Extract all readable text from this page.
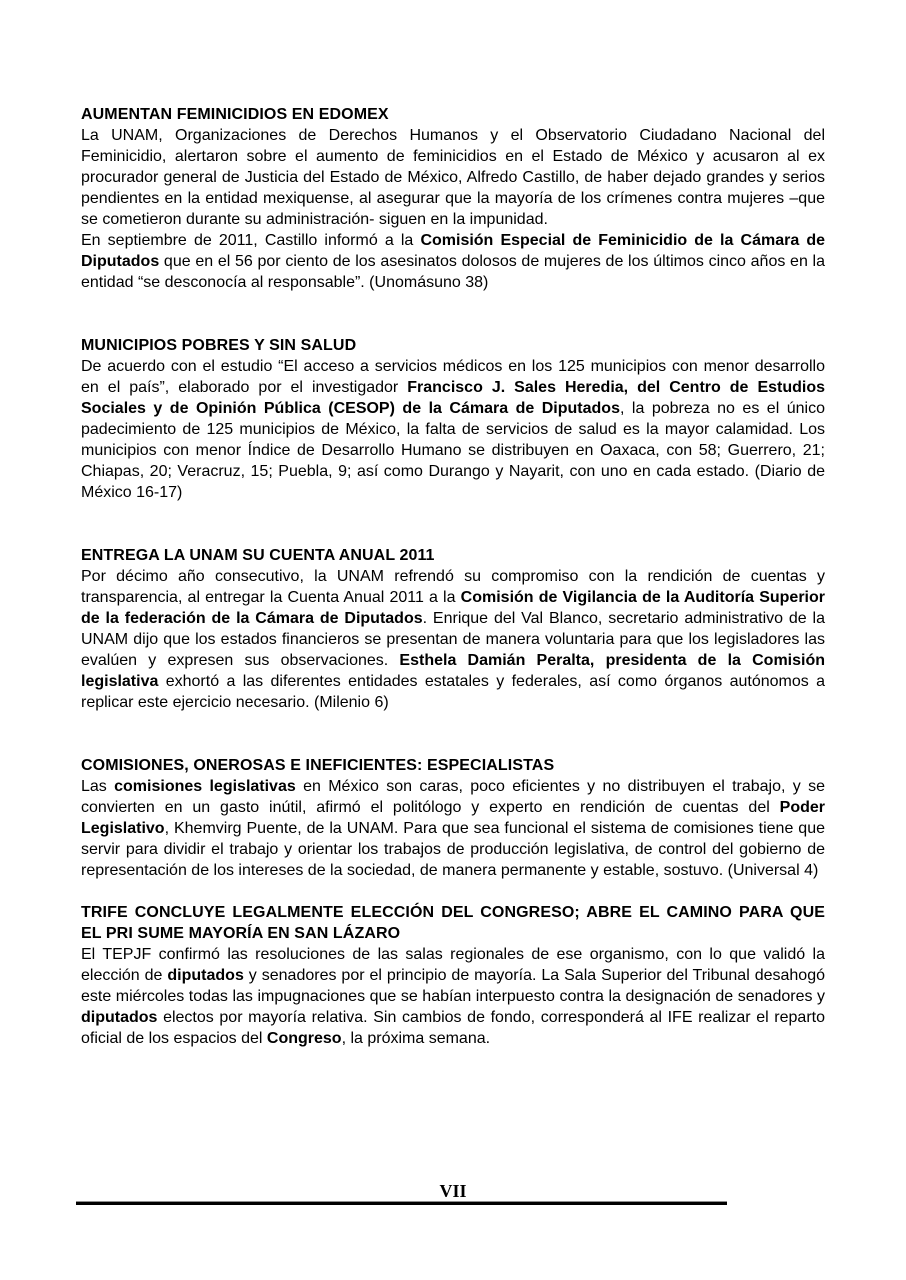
AUMENTAN FEMINICIDIOS EN EDOMEX

La UNAM, Organizaciones de Derechos Humanos y el Observatorio Ciudadano Nacional del Feminicidio, alertaron sobre el aumento de feminicidios en el Estado de México y acusaron al ex procurador general de Justicia del Estado de México, Alfredo Castillo, de haber dejado grandes y serios pendientes en la entidad mexiquense, al asegurar que la mayoría de los crímenes contra mujeres –que se cometieron durante su administración- siguen en la impunidad.

En septiembre de 2011, Castillo informó a la Comisión Especial de Feminicidio de la Cámara de Diputados que en el 56 por ciento de los asesinatos dolosos de mujeres de los últimos cinco años en la entidad “se desconocía al responsable”. (Unomásuno 38)

MUNICIPIOS POBRES Y SIN SALUD

De acuerdo con el estudio “El acceso a servicios médicos en los 125 municipios con menor desarrollo en el país”, elaborado por el investigador Francisco J. Sales Heredia, del Centro de Estudios Sociales y de Opinión Pública (CESOP) de la Cámara de Diputados, la pobreza no es el único padecimiento de 125 municipios de México, la falta de servicios de salud es la mayor calamidad. Los municipios con menor Índice de Desarrollo Humano se distribuyen en Oaxaca, con 58; Guerrero, 21; Chiapas, 20; Veracruz, 15; Puebla, 9; así como Durango y Nayarit, con uno en cada estado. (Diario de México 16-17)

ENTREGA LA UNAM SU CUENTA ANUAL 2011

Por décimo año consecutivo, la UNAM refrendó su compromiso con la rendición de cuentas y transparencia, al entregar la Cuenta Anual 2011 a la Comisión de Vigilancia de la Auditoría Superior de la federación de la Cámara de Diputados. Enrique del Val Blanco, secretario administrativo de la UNAM dijo que los estados financieros se presentan de manera voluntaria para que los legisladores las evalúen y expresen sus observaciones. Esthela Damián Peralta, presidenta de la Comisión legislativa exhortó a las diferentes entidades estatales y federales, así como órganos autónomos a replicar este ejercicio necesario. (Milenio 6)

COMISIONES, ONEROSAS E INEFICIENTES: ESPECIALISTAS

Las comisiones legislativas en México son caras, poco eficientes y no distribuyen el trabajo, y se convierten en un gasto inútil, afirmó el politólogo y experto en rendición de cuentas del Poder Legislativo, Khemvirg Puente, de la UNAM. Para que sea funcional el sistema de comisiones tiene que servir para dividir el trabajo y orientar los trabajos de producción legislativa, de control del gobierno de representación de los intereses de la sociedad, de manera permanente y estable, sostuvo. (Universal 4)

TRIFE CONCLUYE LEGALMENTE ELECCIÓN DEL CONGRESO; ABRE EL CAMINO PARA QUE EL PRI SUME MAYORÍA EN SAN LÁZARO

El TEPJF confirmó las resoluciones de las salas regionales de ese organismo, con lo que validó la elección de diputados y senadores por el principio de mayoría. La Sala Superior del Tribunal desahogó este miércoles todas las impugnaciones que se habían interpuesto contra la designación de senadores y diputados electos por mayoría relativa. Sin cambios de fondo, corresponderá al IFE realizar el reparto oficial de los espacios del Congreso, la próxima semana.

VII
